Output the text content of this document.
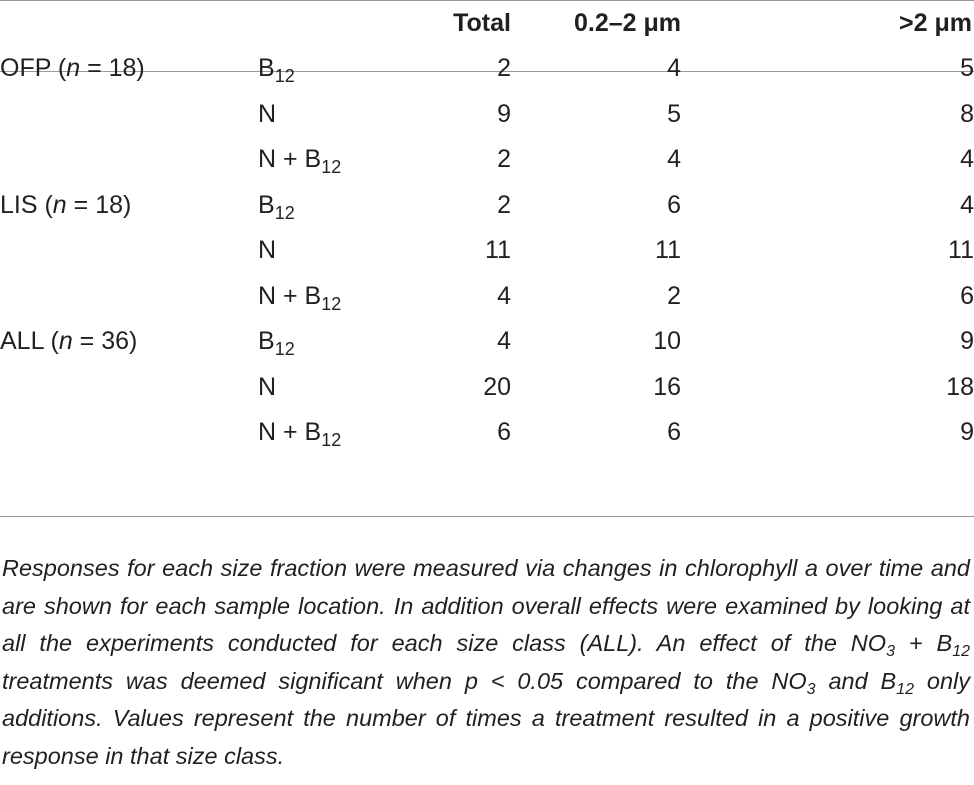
		Total	0.2–2 μm	>2 μm
OFP (n = 18)	$B_{12}$	2	4	5
	N	9	5	8
	$N + B_{12}$	2	4	4
LIS (n = 18)	$B_{12}$	2	6	4
	N	11	11	11
	$N + B_{12}$	4	2	6
ALL (n = 36)	$B_{12}$	4	10	9
	N	20	16	18
	$N + B_{12}$	6	6	9
Responses for each size fraction were measured via changes in chlorophyll a over time and are shown for each sample location. In addition overall effects were examined by looking at all the experiments conducted for each size class (ALL). An effect of the $NO_3 + B_{12}$ treatments was deemed significant when p < 0.05 compared to the $NO_3$ and $B_{12}$ only additions. Values represent the number of times a treatment resulted in a positive growth response in that size class.
